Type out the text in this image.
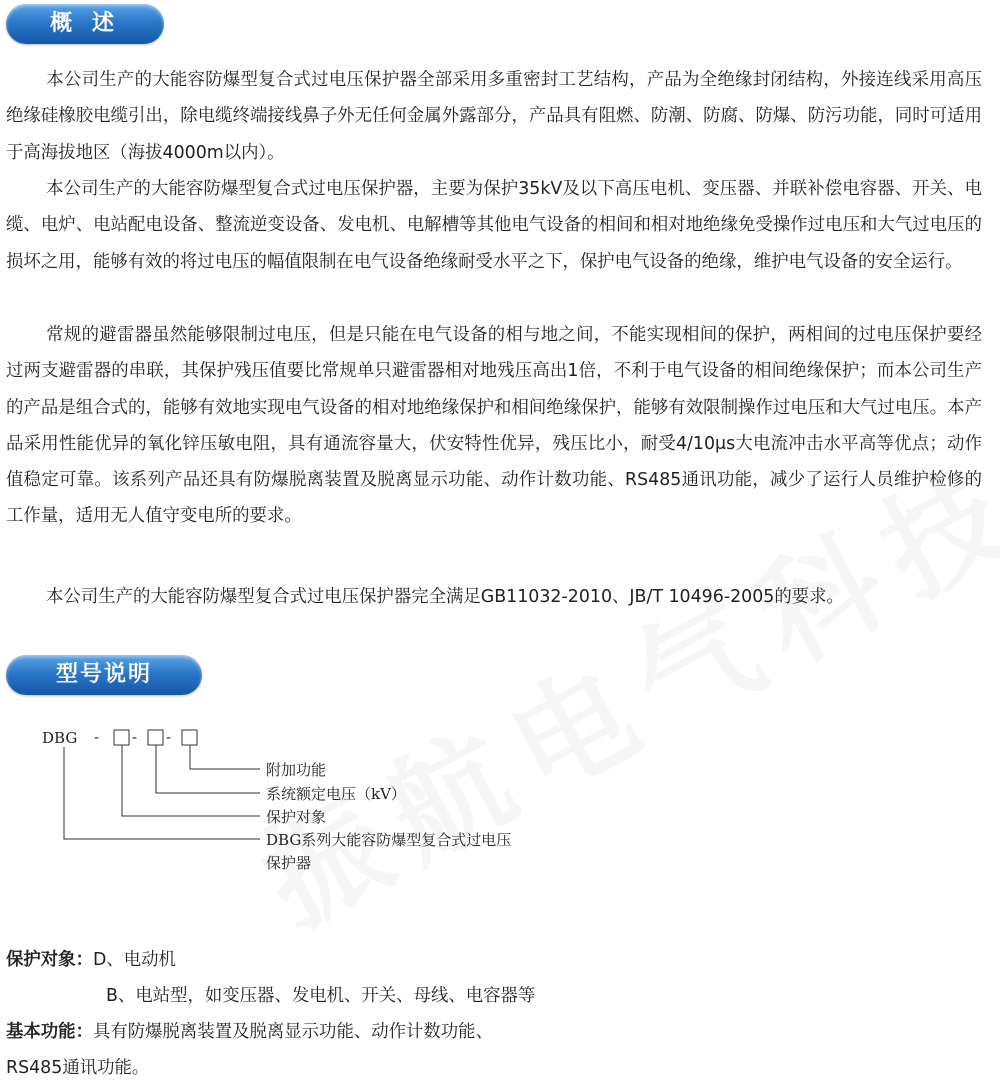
概 述

本公司生产的大能容防爆型复合式过电压保护器全部采用多重密封工艺结构，产品为全绝缘封闭结构，外接连线采用高压绝缘硅橡胶电缆引出，除电缆终端接线鼻子外无任何金属外露部分，产品具有阻燃、防潮、防腐、防爆、防污功能，同时可适用于高海拔地区（海拔4000m以内）。

本公司生产的大能容防爆型复合式过电压保护器，主要为保护35kV及以下高压电机、变压器、并联补偿电容器、开关、电缆、电炉、电站配电设备、整流逆变设备、发电机、电解槽等其他电气设备的相间和相对地绝缘免受操作过电压和大气过电压的损坏之用，能够有效的将过电压的幅值限制在电气设备绝缘耐受水平之下，保护电气设备的绝缘，维护电气设备的安全运行。

常规的避雷器虽然能够限制过电压，但是只能在电气设备的相与地之间，不能实现相间的保护，两相间的过电压保护要经过两支避雷器的串联，其保护残压值要比常规单只避雷器相对地残压高出1倍，不利于电气设备的相间绝缘保护；而本公司生产的产品是组合式的，能够有效地实现电气设备的相对地绝缘保护和相间绝缘保护，能够有效限制操作过电压和大气过电压。本产品采用性能优异的氧化锌压敏电阻，具有通流容量大，伏安特性优异，残压比小，耐受4/10μs大电流冲击水平高等优点；动作值稳定可靠。该系列产品还具有防爆脱离装置及脱离显示功能、动作计数功能、RS485通讯功能，减少了运行人员维护检修的工作量，适用无人值守变电所的要求。

本公司生产的大能容防爆型复合式过电压保护器完全满足GB11032-2010、JB/T 10496-2005的要求。

型号说明
DBG - - -
附加功能
系统额定电压（kV）
保护对象
DBG系列大能容防爆型复合式过电压
保护器

保护对象：D、电动机

B、电站型，如变压器、发电机、开关、母线、电容器等

基本功能：具有防爆脱离装置及脱离显示功能、动作计数功能、

RS485通讯功能。
